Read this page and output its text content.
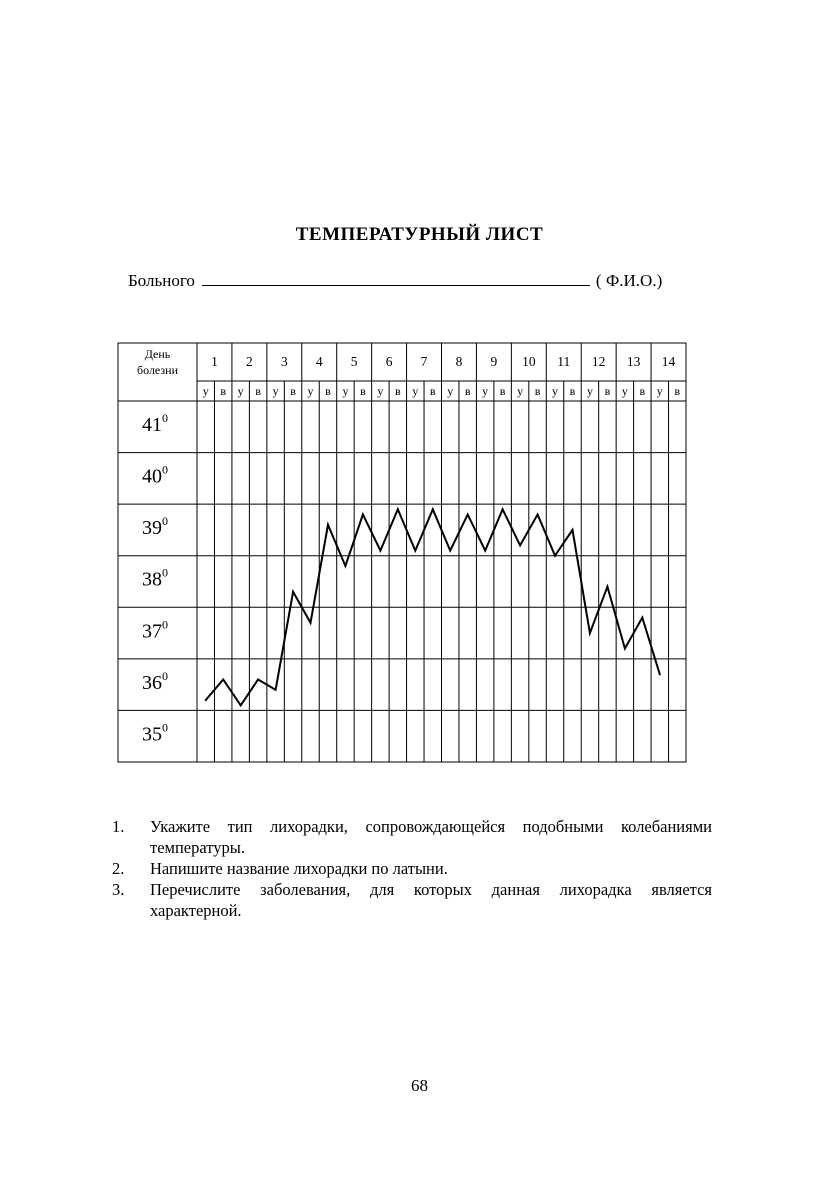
ТЕМПЕРАТУРНЫЙ ЛИСТ
Больного	( Ф.И.О.)
День
болезни
1 2 3 4 5 6 7 8 9 10 11 12 13 14
у в у в у в у в у в у в у в у в у в у в у в у в у в у в
$41^0$
$40^0$
$39^0$
$38^0$
$37^0$
$36^0$
$35^0$
1. Укажите тип лихорадки, сопровождающейся подобными колебаниями температуры.
2. Напишите название лихорадки по латыни.
3. Перечислите заболевания, для которых данная лихорадка является характерной.
68
